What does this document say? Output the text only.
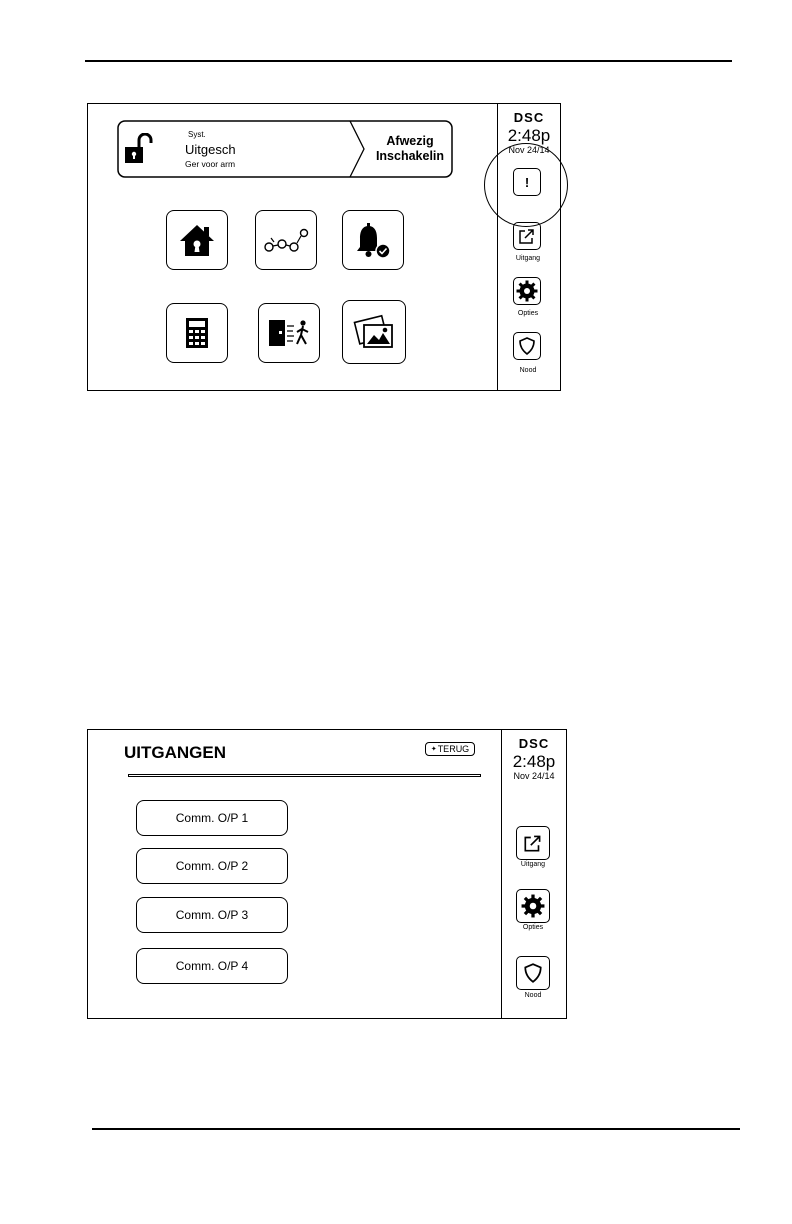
Syst.
Uitgesch
Ger voor arm
Afwezig
Inschakelin
DSC
2:48p
Nov 24/14
!
Uitgang
Opties
Nood
UITGANGEN	✦ TERUG
Comm. O/P 1
Comm. O/P 2
Comm. O/P 3
Comm. O/P 4
DSC
2:48p
Nov 24/14
Uitgang
Opties
Nood
